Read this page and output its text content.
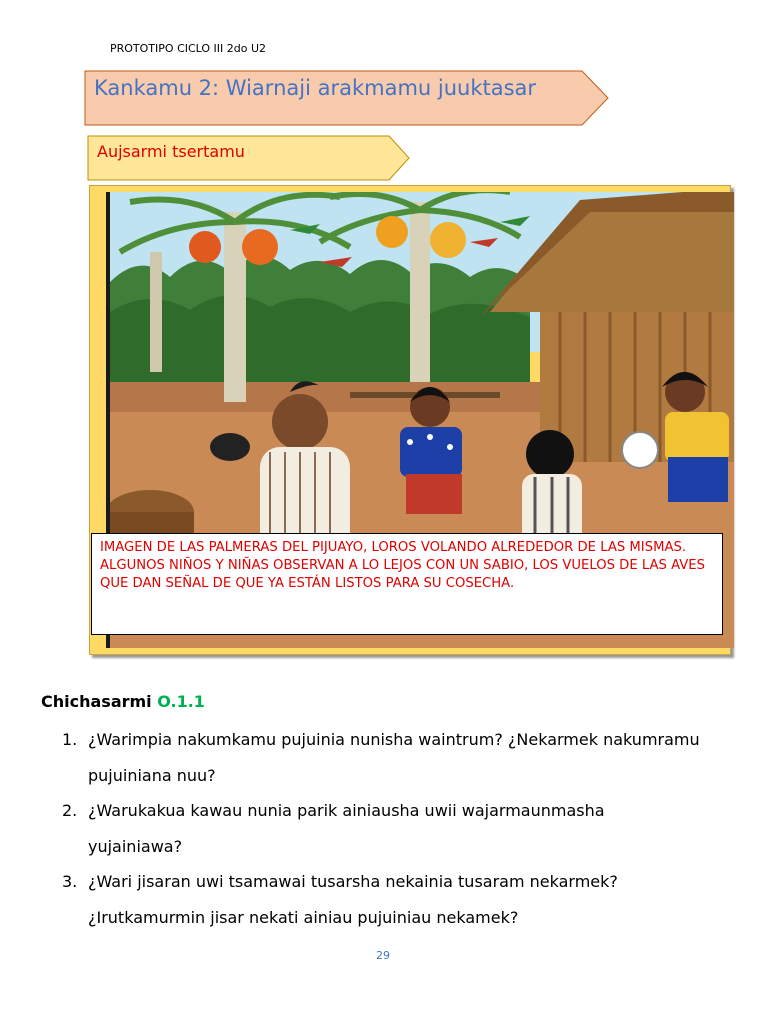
PROTOTIPO CICLO III 2do U2
Kankamu 2: Wiarnaji arakmamu juuktasar
Aujsarmi tsertamu
IMAGEN DE LAS PALMERAS DEL PIJUAYO, LOROS VOLANDO ALREDEDOR DE LAS MISMAS. ALGUNOS NIÑOS Y NIÑAS OBSERVAN A LO LEJOS CON UN SABIO, LOS VUELOS DE LAS AVES QUE DAN SEÑAL DE QUE YA ESTÁN LISTOS PARA SU COSECHA.
Chichasarmi O.1.1
1. ¿Warimpia nakumkamu pujuinia nunisha waintrum? ¿Nekarmek nakumramu pujuiniana nuu?
2. ¿Warukakua kawau nunia parik ainiausha uwii wajarmaunmasha yujainiawa?
3. ¿Wari jisaran uwi tsamawai tusarsha nekainia tusaram nekarmek? ¿Irutkamurmin jisar nekati ainiau pujuiniau nekamek?
29
